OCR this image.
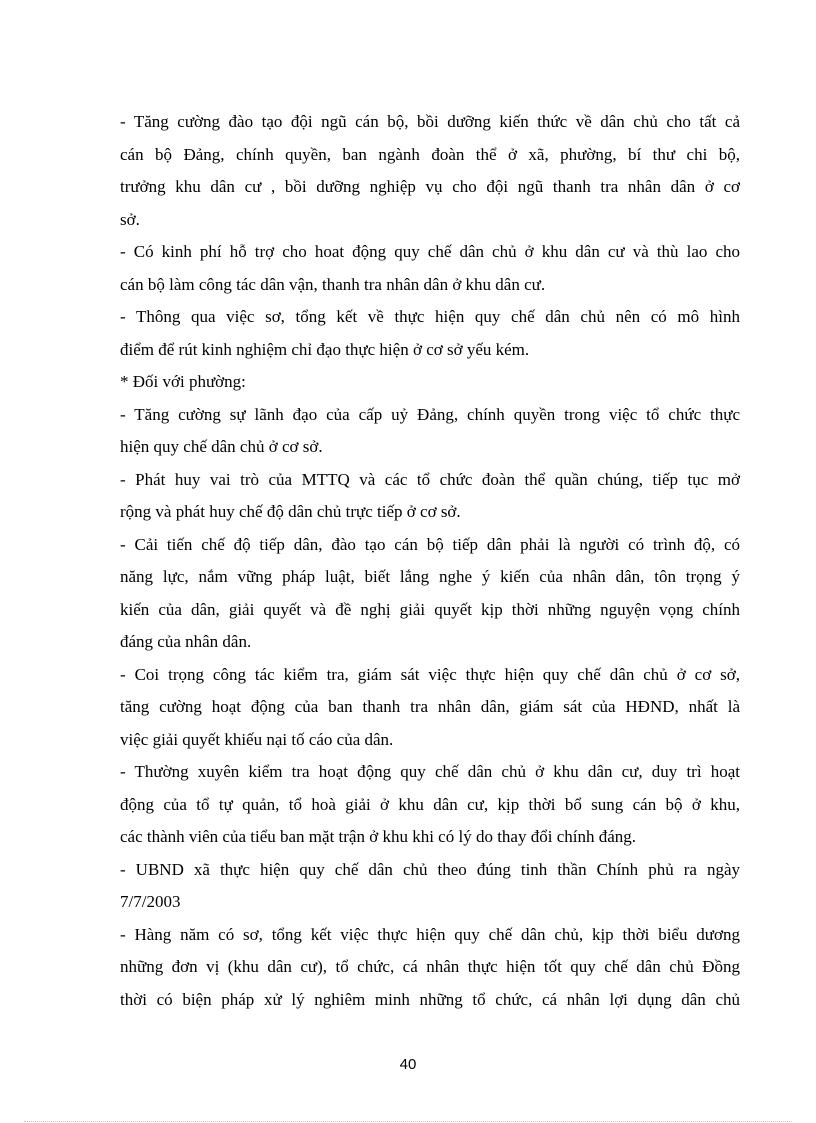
- Tăng cường đào tạo đội ngũ cán bộ, bồi dưỡng kiến thức về dân chủ cho tất cả
cán bộ Đảng, chính quyền, ban ngành đoàn thể ở xã, phường, bí thư chi bộ,
trưởng khu dân cư , bồi dưỡng nghiệp vụ cho đội ngũ thanh tra nhân dân ở cơ
sở.
- Có kinh phí hỗ trợ cho hoat động quy chế dân chủ ở khu dân cư và thù lao cho
cán bộ làm công tác dân vận, thanh tra nhân dân ở khu dân cư.
- Thông qua việc sơ, tổng kết về thực hiện quy chế dân chủ nên có mô hình
điểm để rút kinh nghiệm chỉ đạo thực hiện ở cơ sở yếu kém.
* Đối với phường:
- Tăng cường sự lãnh đạo của cấp uỷ Đảng, chính quyền trong việc tổ chức thực
hiện quy chế dân chủ ở cơ sở.
- Phát huy vai trò của MTTQ và các tổ chức đoàn thể quần chúng, tiếp tục mở
rộng và phát huy chế độ dân chủ trực tiếp ở cơ sở.
- Cải tiến chế độ tiếp dân, đào tạo cán bộ tiếp dân phải là người có trình độ, có
năng lực, nắm vững pháp luật, biết lắng nghe ý kiến của nhân dân, tôn trọng ý
kiến của dân, giải quyết và đề nghị giải quyết kịp thời những nguyện vọng chính
đáng của nhân dân.
- Coi trọng công tác kiểm tra, giám sát việc thực hiện quy chế dân chủ ở cơ sở,
tăng cường hoạt động của ban thanh tra nhân dân, giám sát của HĐND, nhất là
việc giải quyết khiếu nại tố cáo của dân.
- Thường xuyên kiểm tra hoạt động quy chế dân chủ ở khu dân cư, duy trì hoạt
động của tổ tự quản, tổ hoà giải ở khu dân cư, kịp thời bổ sung cán bộ ở khu,
các thành viên của tiểu ban mặt trận ở khu khi có lý do thay đổi chính đáng.
- UBND xã thực hiện quy chế dân chủ theo đúng tinh thần Chính phủ ra ngày
7/7/2003
- Hàng năm có sơ, tổng kết việc thực hiện quy chế dân chủ, kịp thời biểu dương
những đơn vị (khu dân cư), tổ chức, cá nhân thực hiện tốt quy chế dân chủ Đồng
thời có biện pháp xử lý nghiêm minh những tổ chức, cá nhân lợi dụng dân chủ
40
